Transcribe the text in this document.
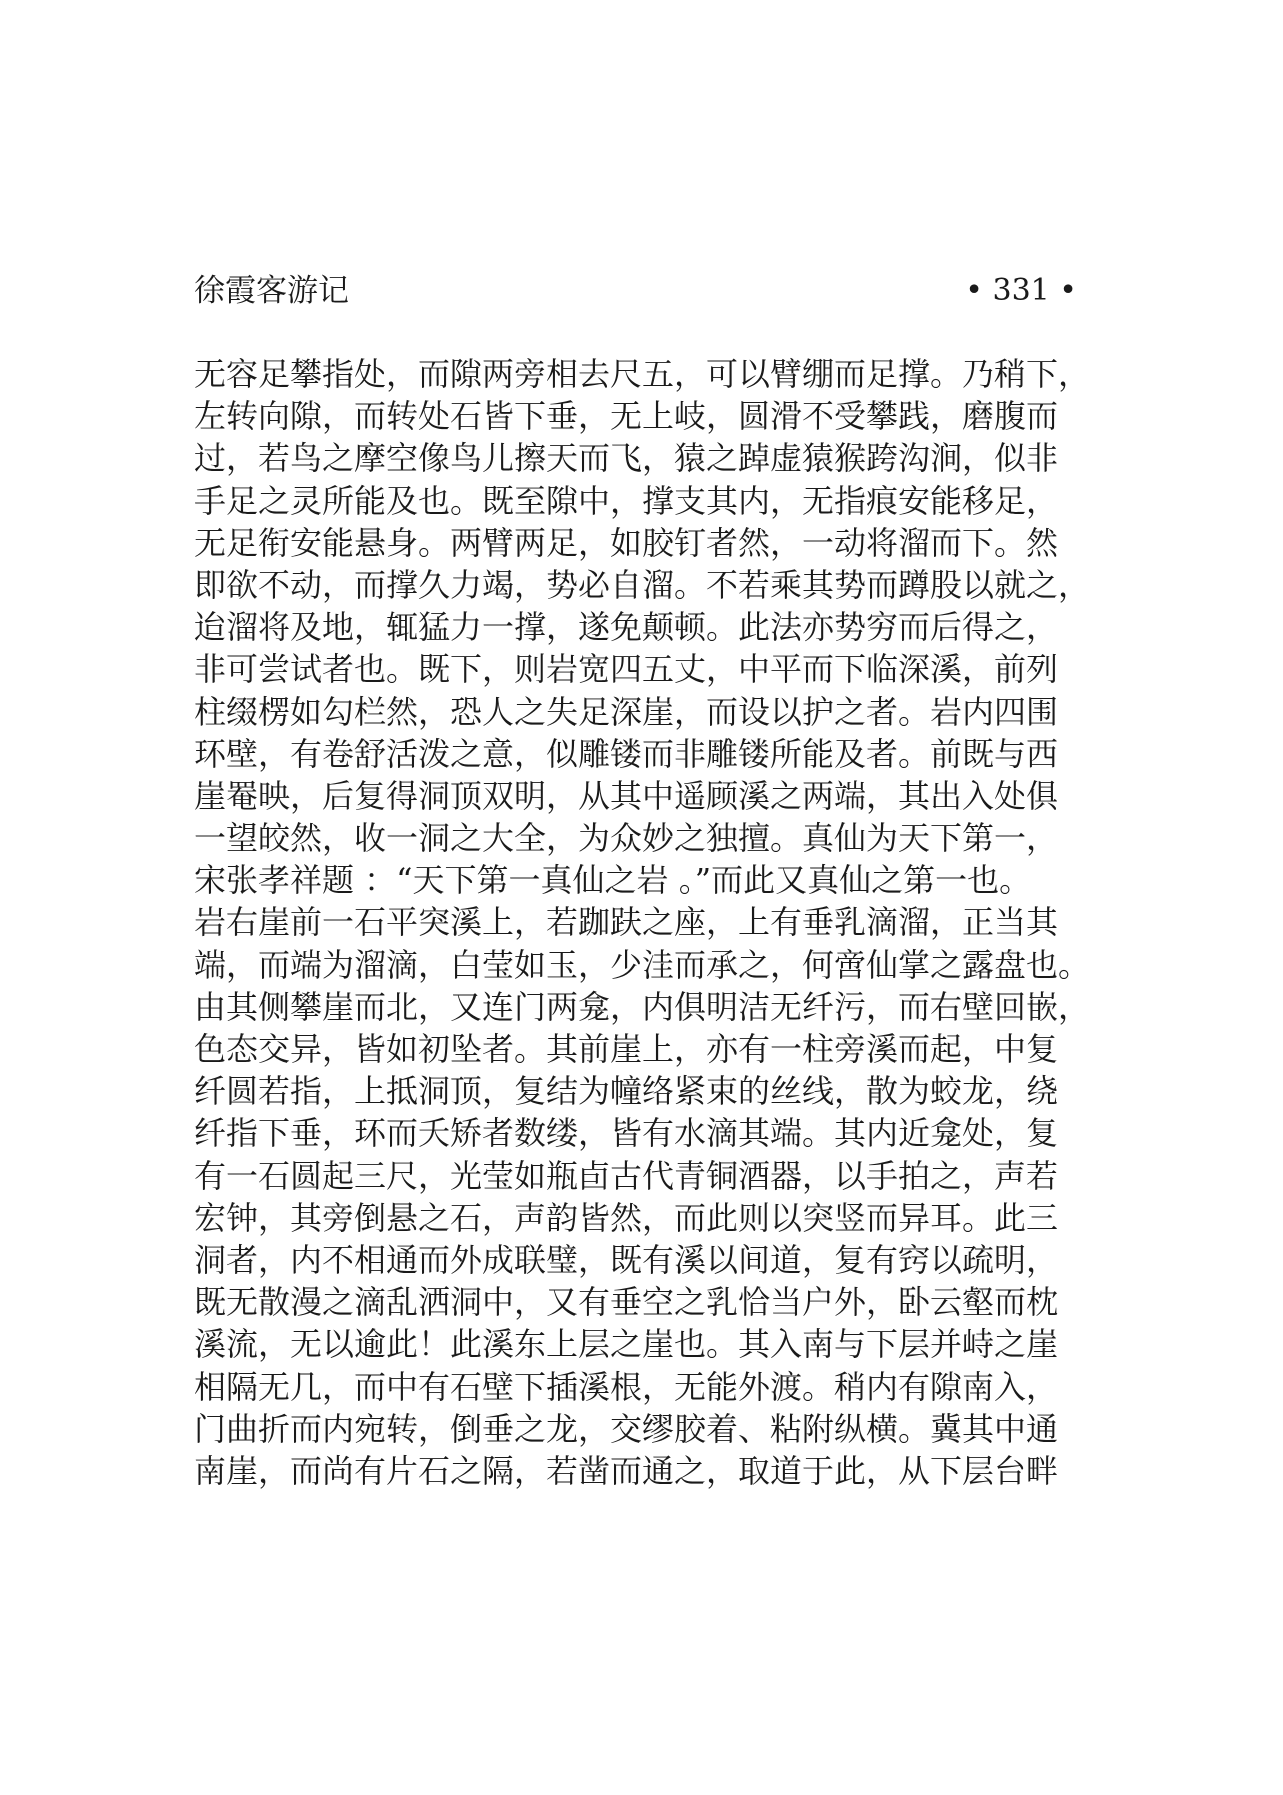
徐霞客游记	• 331 •
无容足攀指处，而隙两旁相去尺五，可以臂绷而足撑。乃稍下，
左转向隙，而转处石皆下垂，无上岐，圆滑不受攀践，磨腹而
过，若鸟之摩空像鸟儿擦天而飞，猿之踔虚猿猴跨沟涧，似非
手足之灵所能及也。既至隙中，撑支其内，无指痕安能移足，
无足衔安能悬身。两臂两足，如胶钉者然，一动将溜而下。然
即欲不动，而撑久力竭，势必自溜。不若乘其势而蹲股以就之，
迨溜将及地，辄猛力一撑，遂免颠顿。此法亦势穷而后得之，
非可尝试者也。既下，则岩宽四五丈，中平而下临深溪，前列
柱缀楞如勾栏然，恐人之失足深崖，而设以护之者。岩内四围
环壁，有卷舒活泼之意，似雕镂而非雕镂所能及者。前既与西
崖罨映，后复得洞顶双明，从其中遥顾溪之两端，其出入处俱
一望皎然，收一洞之大全，为众妙之独擅。真仙为天下第一，
宋张孝祥题 ：“天下第一真仙之岩 。”而此又真仙之第一也。
岩右崖前一石平突溪上，若跏趺之座，上有垂乳滴溜，正当其
端，而端为溜滴，白莹如玉，少洼而承之，何啻仙掌之露盘也。
由其侧攀崖而北，又连门两龛，内俱明洁无纤污，而右壁回嵌，
色态交异，皆如初坠者。其前崖上，亦有一柱旁溪而起，中复
纤圆若指，上抵洞顶，复结为幢络紧束的丝线，散为蛟龙，绕
纤指下垂，环而夭矫者数缕，皆有水滴其端。其内近龛处，复
有一石圆起三尺，光莹如瓶卣古代青铜酒器，以手拍之，声若
宏钟，其旁倒悬之石，声韵皆然，而此则以突竖而异耳。此三
洞者，内不相通而外成联璧，既有溪以间道，复有窍以疏明，
既无散漫之滴乱洒洞中，又有垂空之乳恰当户外，卧云壑而枕
溪流，无以逾此！此溪东上层之崖也。其入南与下层并峙之崖
相隔无几，而中有石壁下插溪根，无能外渡。稍内有隙南入，
门曲折而内宛转，倒垂之龙，交缪胶着、粘附纵横。冀其中通
南崖，而尚有片石之隔，若凿而通之，取道于此，从下层台畔
